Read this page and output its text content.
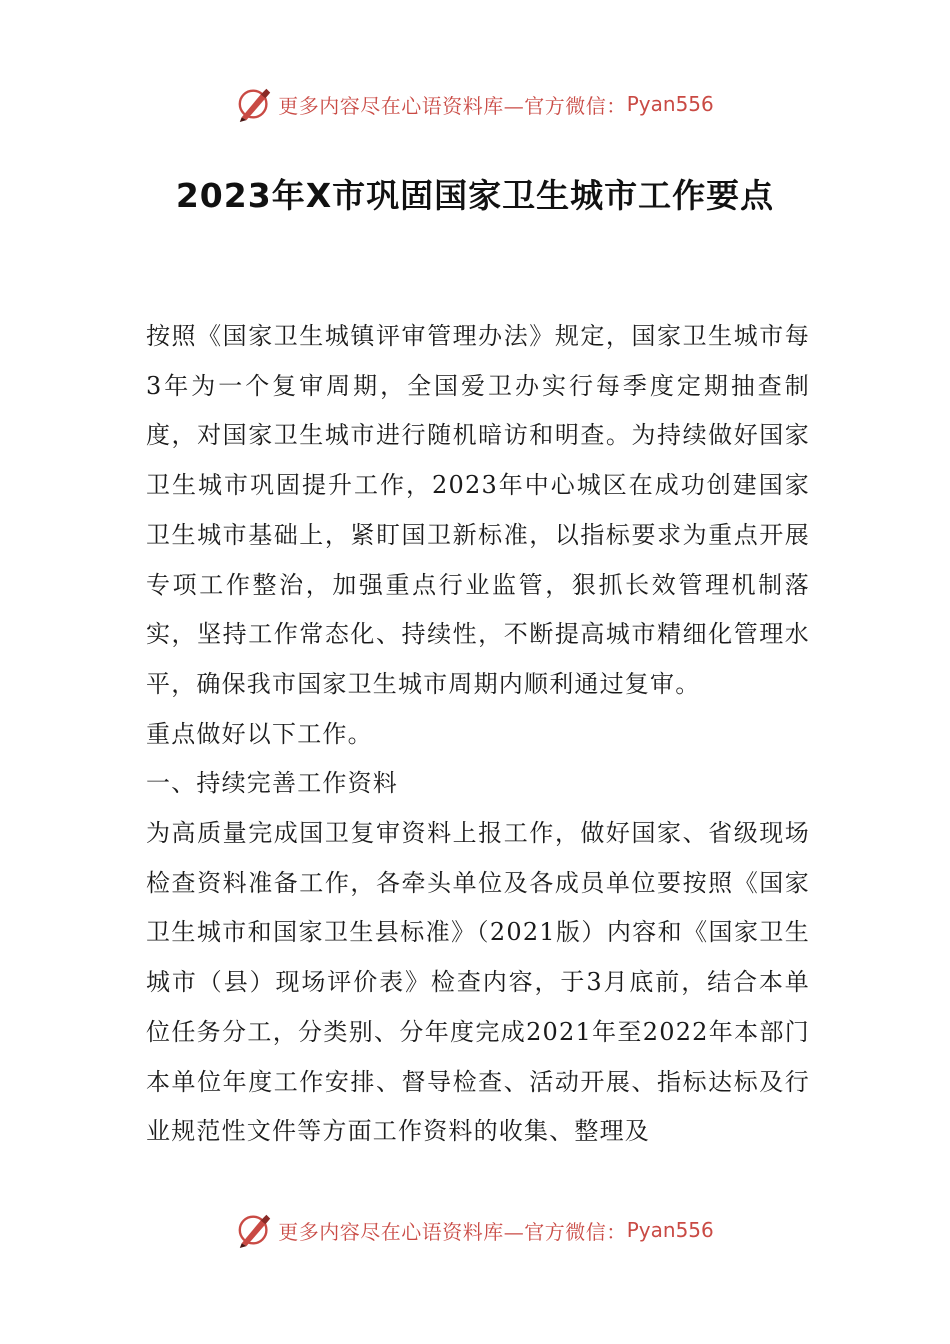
更多内容尽在心语资料库—官方微信： Pyan556
2023年X市巩固国家卫生城市工作要点

按照《国家卫生城镇评审管理办法》规定，国家卫生城市每3年为一个复审周期，全国爱卫办实行每季度定期抽查制度，对国家卫生城市进行随机暗访和明查。为持续做好国家卫生城市巩固提升工作，2023年中心城区在成功创建国家卫生城市基础上，紧盯国卫新标准，以指标要求为重点开展专项工作整治，加强重点行业监管，狠抓长效管理机制落实，坚持工作常态化、持续性，不断提高城市精细化管理水平，确保我市国家卫生城市周期内顺利通过复审。

重点做好以下工作。

一、持续完善工作资料

为高质量完成国卫复审资料上报工作，做好国家、省级现场检查资料准备工作，各牵头单位及各成员单位要按照《国家卫生城市和国家卫生县标准》（2021版）内容和《国家卫生城市（县）现场评价表》检查内容，于3月底前，结合本单位任务分工，分类别、分年度完成2021年至2022年本部门本单位年度工作安排、督导检查、活动开展、指标达标及行业规范性文件等方面工作资料的收集、整理及

更多内容尽在心语资料库—官方微信： Pyan556
